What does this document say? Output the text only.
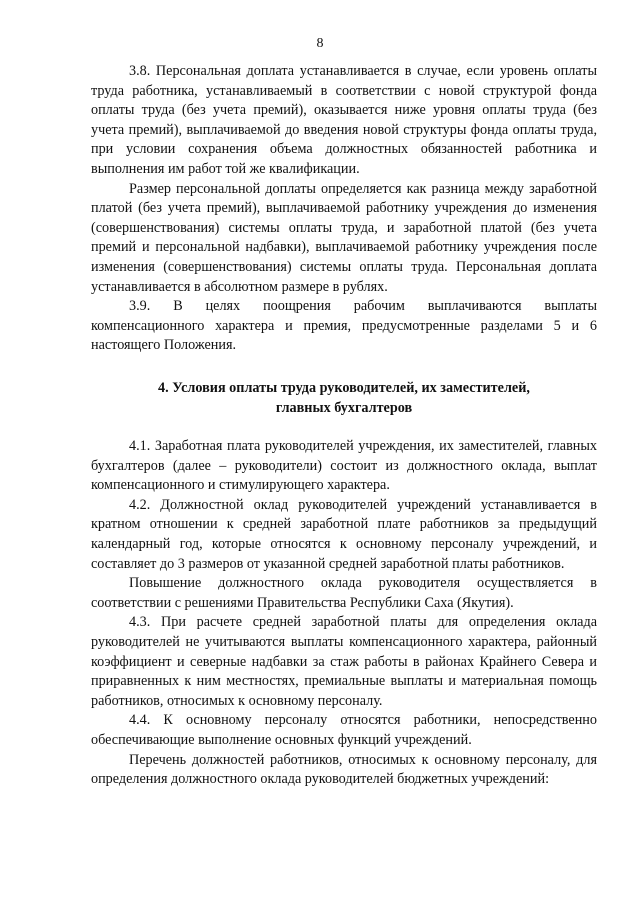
8

3.8. Персональная доплата устанавливается в случае, если уровень оплаты труда работника, устанавливаемый в соответствии с новой структурой фонда оплаты труда (без учета премий), оказывается ниже уровня оплаты труда (без учета премий), выплачиваемой до введения новой структуры фонда оплаты труда, при условии сохранения объема должностных обязанностей работника и выполнения им работ той же квалификации.

Размер персональной доплаты определяется как разница между заработной платой (без учета премий), выплачиваемой работнику учреждения до изменения (совершенствования) системы оплаты труда, и заработной платой (без учета премий и персональной надбавки), выплачиваемой работнику учреждения после изменения (совершенствования) системы оплаты труда. Персональная доплата устанавливается в абсолютном размере в рублях.

3.9. В целях поощрения рабочим выплачиваются выплаты компенсационного характера и премия, предусмотренные разделами 5 и 6 настоящего Положения.

4. Условия оплаты труда руководителей, их заместителей,
главных бухгалтеров

4.1. Заработная плата руководителей учреждения, их заместителей, главных бухгалтеров (далее – руководители) состоит из должностного оклада, выплат компенсационного и стимулирующего характера.

4.2. Должностной оклад руководителей учреждений устанавливается в кратном отношении к средней заработной плате работников за предыдущий календарный год, которые относятся к основному персоналу учреждений, и составляет до 3 размеров от указанной средней заработной платы работников.

Повышение должностного оклада руководителя осуществляется в соответствии с решениями Правительства Республики Саха (Якутия).

4.3. При расчете средней заработной платы для определения оклада руководителей не учитываются выплаты компенсационного характера, районный коэффициент и северные надбавки за стаж работы в районах Крайнего Севера и приравненных к ним местностях, премиальные выплаты и материальная помощь работников, относимых к основному персоналу.

4.4. К основному персоналу относятся работники, непосредственно обеспечивающие выполнение основных функций учреждений.

Перечень должностей работников, относимых к основному персоналу, для определения должностного оклада руководителей бюджетных учреждений:
